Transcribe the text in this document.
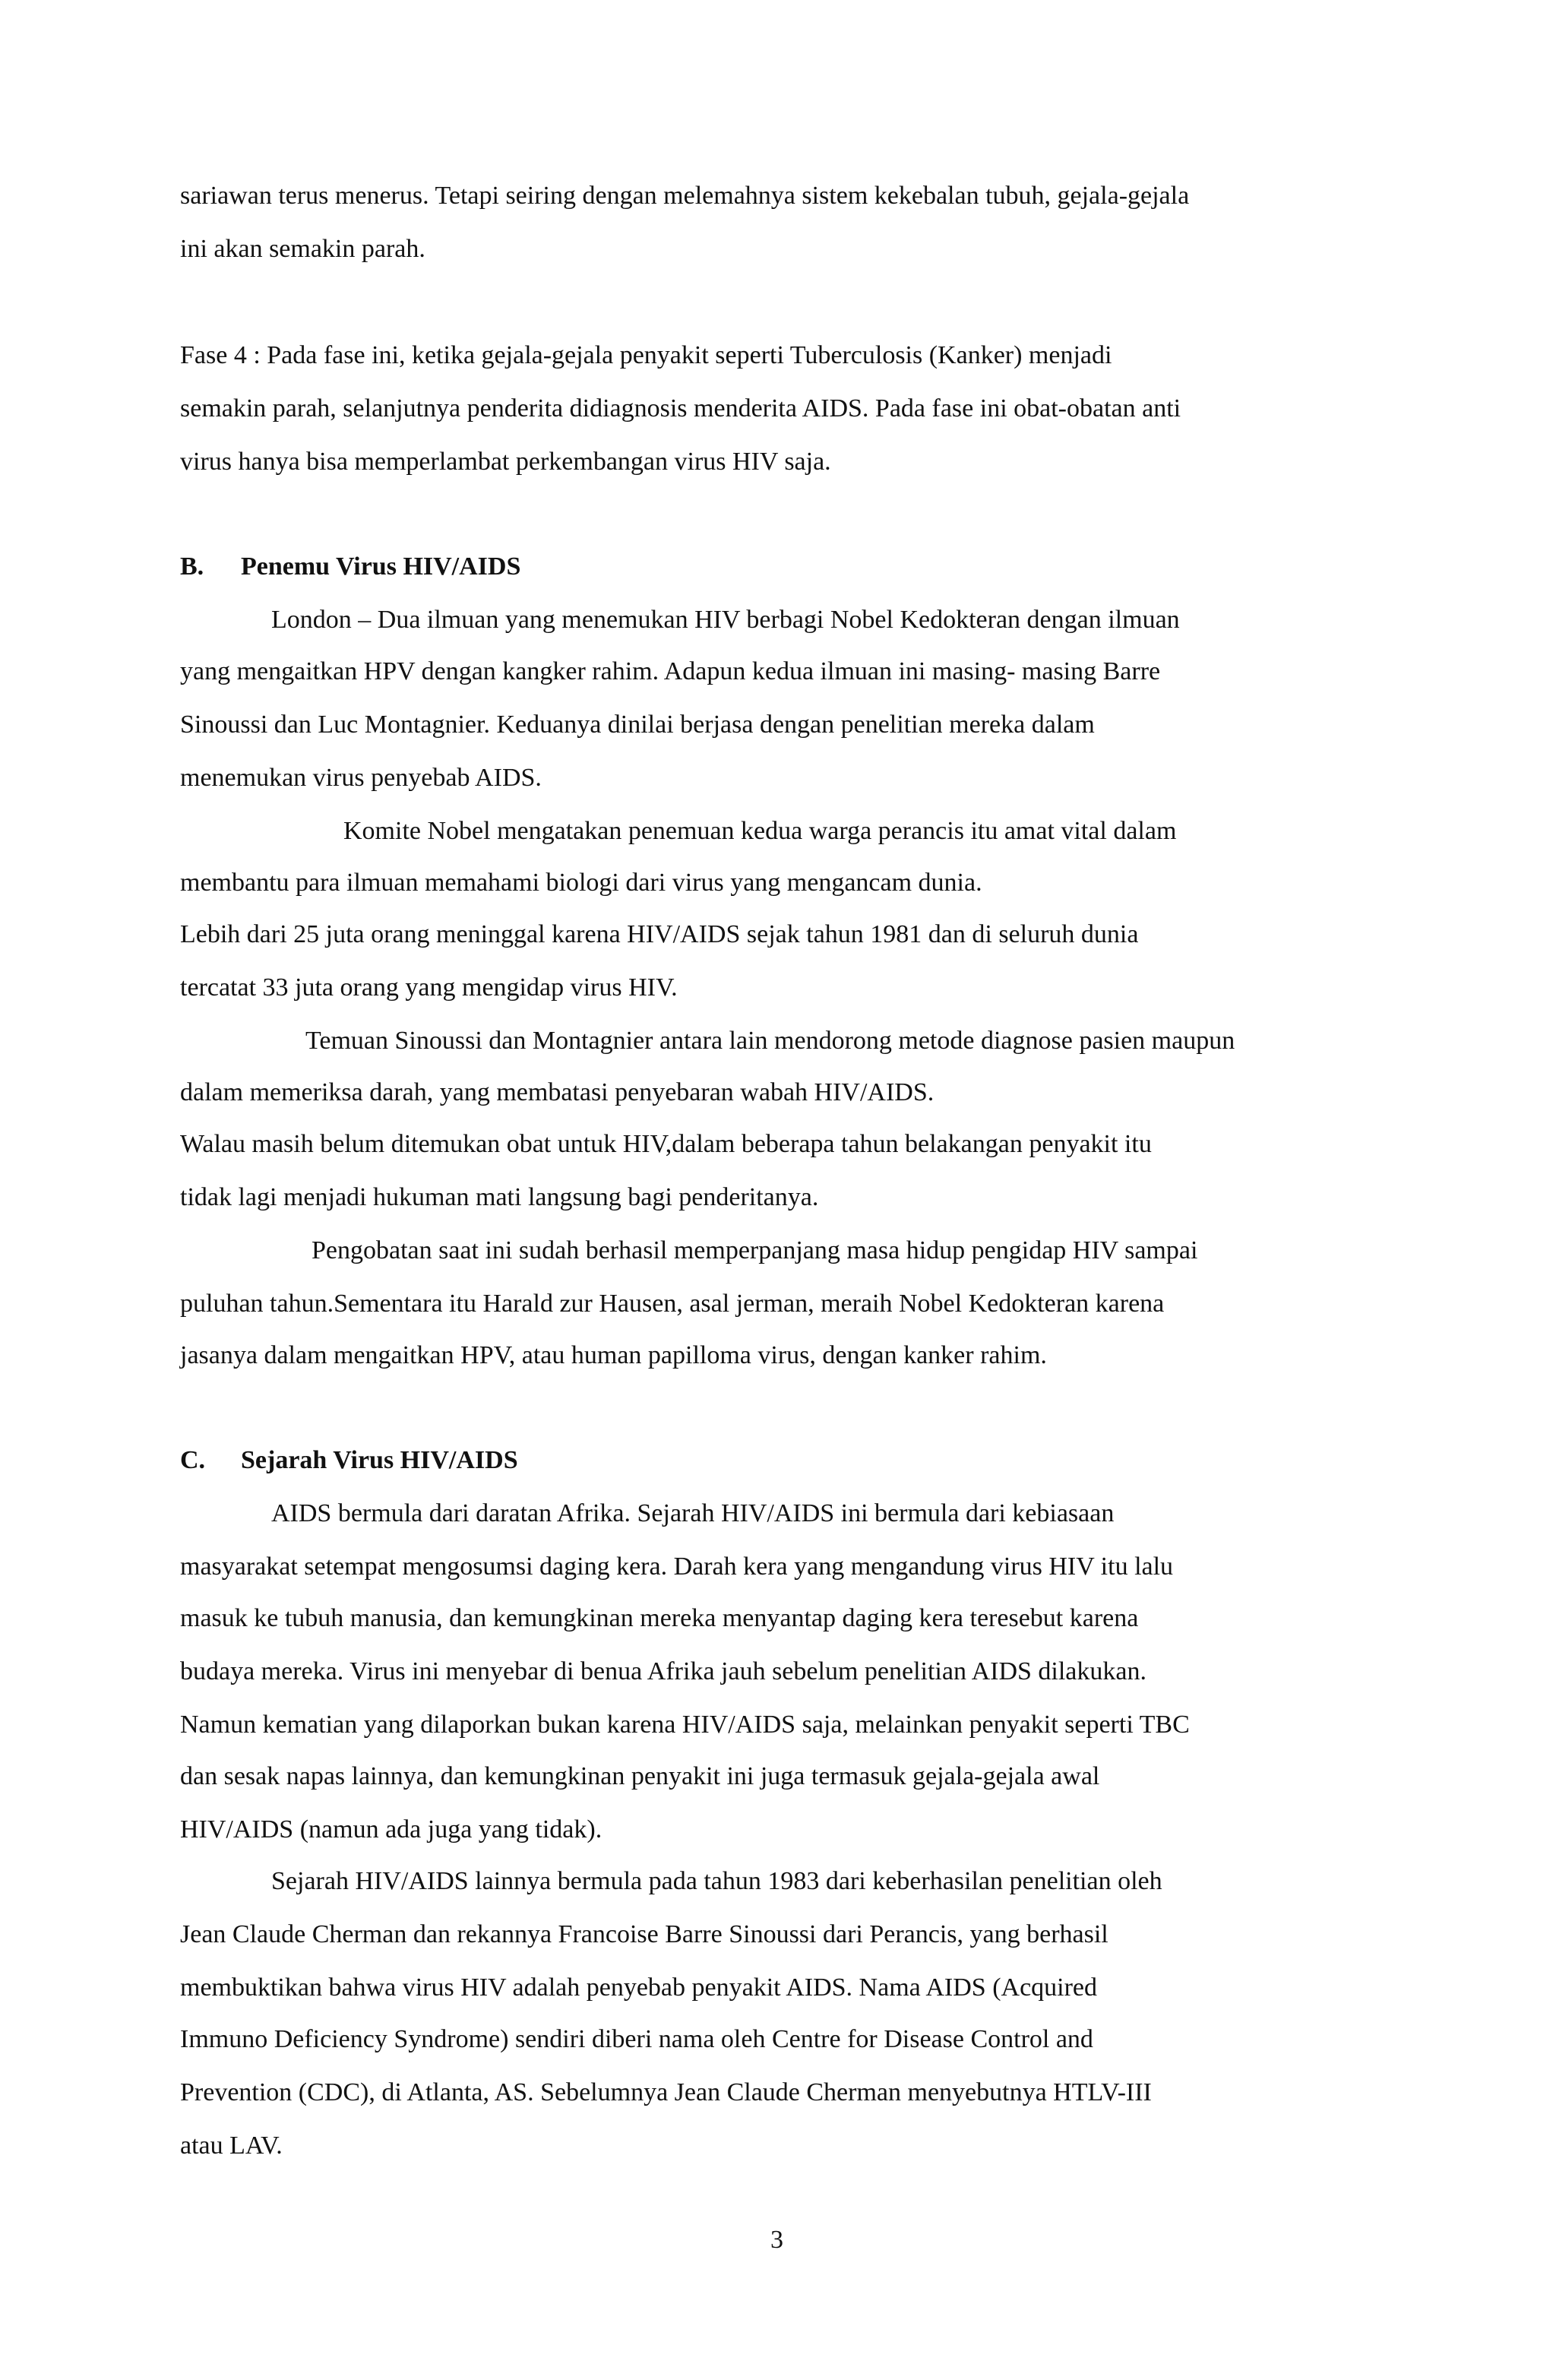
sariawan terus menerus. Tetapi seiring dengan melemahnya sistem kekebalan tubuh, gejala-gejala
ini akan semakin parah.
Fase 4 : Pada fase ini, ketika gejala-gejala penyakit seperti Tuberculosis (Kanker) menjadi
semakin parah, selanjutnya penderita didiagnosis menderita AIDS. Pada fase ini obat-obatan anti
virus hanya bisa memperlambat perkembangan virus HIV saja.
B. Penemu Virus HIV/AIDS
London – Dua ilmuan yang menemukan HIV berbagi Nobel Kedokteran dengan ilmuan
yang mengaitkan HPV dengan kangker rahim. Adapun kedua ilmuan ini masing- masing Barre
Sinoussi dan Luc Montagnier. Keduanya dinilai berjasa dengan penelitian mereka dalam
menemukan virus penyebab AIDS.
Komite Nobel mengatakan penemuan kedua warga perancis itu amat vital dalam
membantu para ilmuan memahami biologi dari virus yang mengancam dunia.
Lebih dari 25 juta orang meninggal karena HIV/AIDS sejak tahun 1981 dan di seluruh dunia
tercatat 33 juta orang yang mengidap virus HIV.
Temuan Sinoussi dan Montagnier antara lain mendorong metode diagnose pasien maupun
dalam memeriksa darah, yang membatasi penyebaran wabah HIV/AIDS.
Walau masih belum ditemukan obat untuk HIV,dalam beberapa tahun belakangan penyakit itu
tidak lagi menjadi hukuman mati langsung bagi penderitanya.
Pengobatan saat ini sudah berhasil memperpanjang masa hidup pengidap HIV sampai
puluhan tahun.Sementara itu Harald zur Hausen, asal jerman, meraih Nobel Kedokteran karena
jasanya dalam mengaitkan HPV, atau human papilloma virus, dengan kanker rahim.
C. Sejarah Virus HIV/AIDS
AIDS bermula dari daratan Afrika. Sejarah HIV/AIDS ini bermula dari kebiasaan
masyarakat setempat mengosumsi daging kera. Darah kera yang mengandung virus HIV itu lalu
masuk ke tubuh manusia, dan kemungkinan mereka menyantap daging kera teresebut karena
budaya mereka. Virus ini menyebar di benua Afrika jauh sebelum penelitian AIDS dilakukan.
Namun kematian yang dilaporkan bukan karena HIV/AIDS saja, melainkan penyakit seperti TBC
dan sesak napas lainnya, dan kemungkinan penyakit ini juga termasuk gejala-gejala awal
HIV/AIDS (namun ada juga yang tidak).
Sejarah HIV/AIDS lainnya bermula pada tahun 1983 dari keberhasilan penelitian oleh
Jean Claude Cherman dan rekannya Francoise Barre Sinoussi dari Perancis, yang berhasil
membuktikan bahwa virus HIV adalah penyebab penyakit AIDS. Nama AIDS (Acquired
Immuno Deficiency Syndrome) sendiri diberi nama oleh Centre for Disease Control and
Prevention (CDC), di Atlanta, AS. Sebelumnya Jean Claude Cherman menyebutnya HTLV-III
atau LAV.
3
